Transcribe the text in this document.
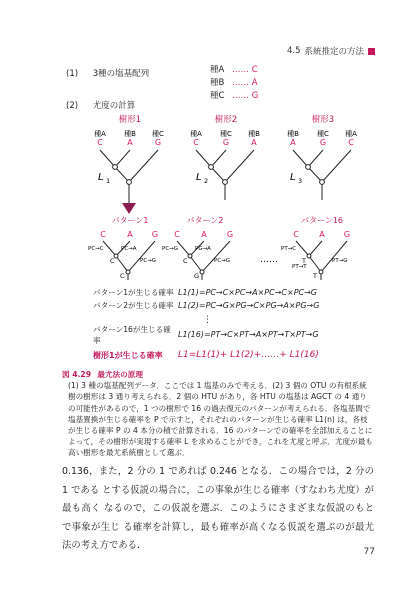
4.5 系統推定の方法
(1) 3種の塩基配列	種A …… C
種B …… A
種C …… G
(2) 尤度の計算
樹形1	樹形2	樹形3
種A	種B 種C
C	A	G
L 1
種A	種C 種B
C	G	A
L 2
種B	種C 種A
A	G	C
L 3
パターン1	パターン2	パターン16
C	A G
C
C
PC→C	PC→A
PC→G
C	A	G
C
G
PC→G	PG→A
PC→G	……
C	A G
T
T
PT→C
PT→T
PT→G
パターン1が生じる確率 L1(1) =PC→C×PC→A×PC→C×PC→G
パターン2が生じる確率 L1(2) =PC→G×PG→C×PG→A×PG→G
⋮
パターン16が生じる確率
L1(16) =PT→C×PT→A×PT→T×PT→G
樹形1が生じる確率	L1=L1(1)+ L1(2)+……+ L1(16)
図 4.29 最尤法の原理
(1) 3 種の塩基配列データ．ここでは 1 塩基のみで考える．(2) 3 個の OTU の有根系統樹の樹形は 3 通り考えられる．2 個の HTU があり，各 HTU の塩基は AGCT の 4 通りの可能性があるので，1 つの樹形で 16 の過去復元のパターンが考えられる．各塩基間で塩基置換が生じる確率を P で示すと，それぞれのパターンが生じる確率 L1(n) は，各枝が生じる確率 P の 4 本分の積で計算される．16 のパターンでの確率を全部加えることによって，その樹形が実現する確率 L を求めることができ，これを尤度と呼ぶ．尤度が最も高い樹形を最尤系統樹として選ぶ．
0.136，また，2 分の 1 であれば 0.246 となる．この場合では，2 分の 1 である とする仮説の場合に，この事象が生じる確率（すなわち尤度）が最も高く なるので，この仮説を選ぶ．このようにさまざまな仮説のもとで事象が生じ る確率を計算し，最も確率が高くなる仮説を選ぶのが最尤法の考え方である．
77
